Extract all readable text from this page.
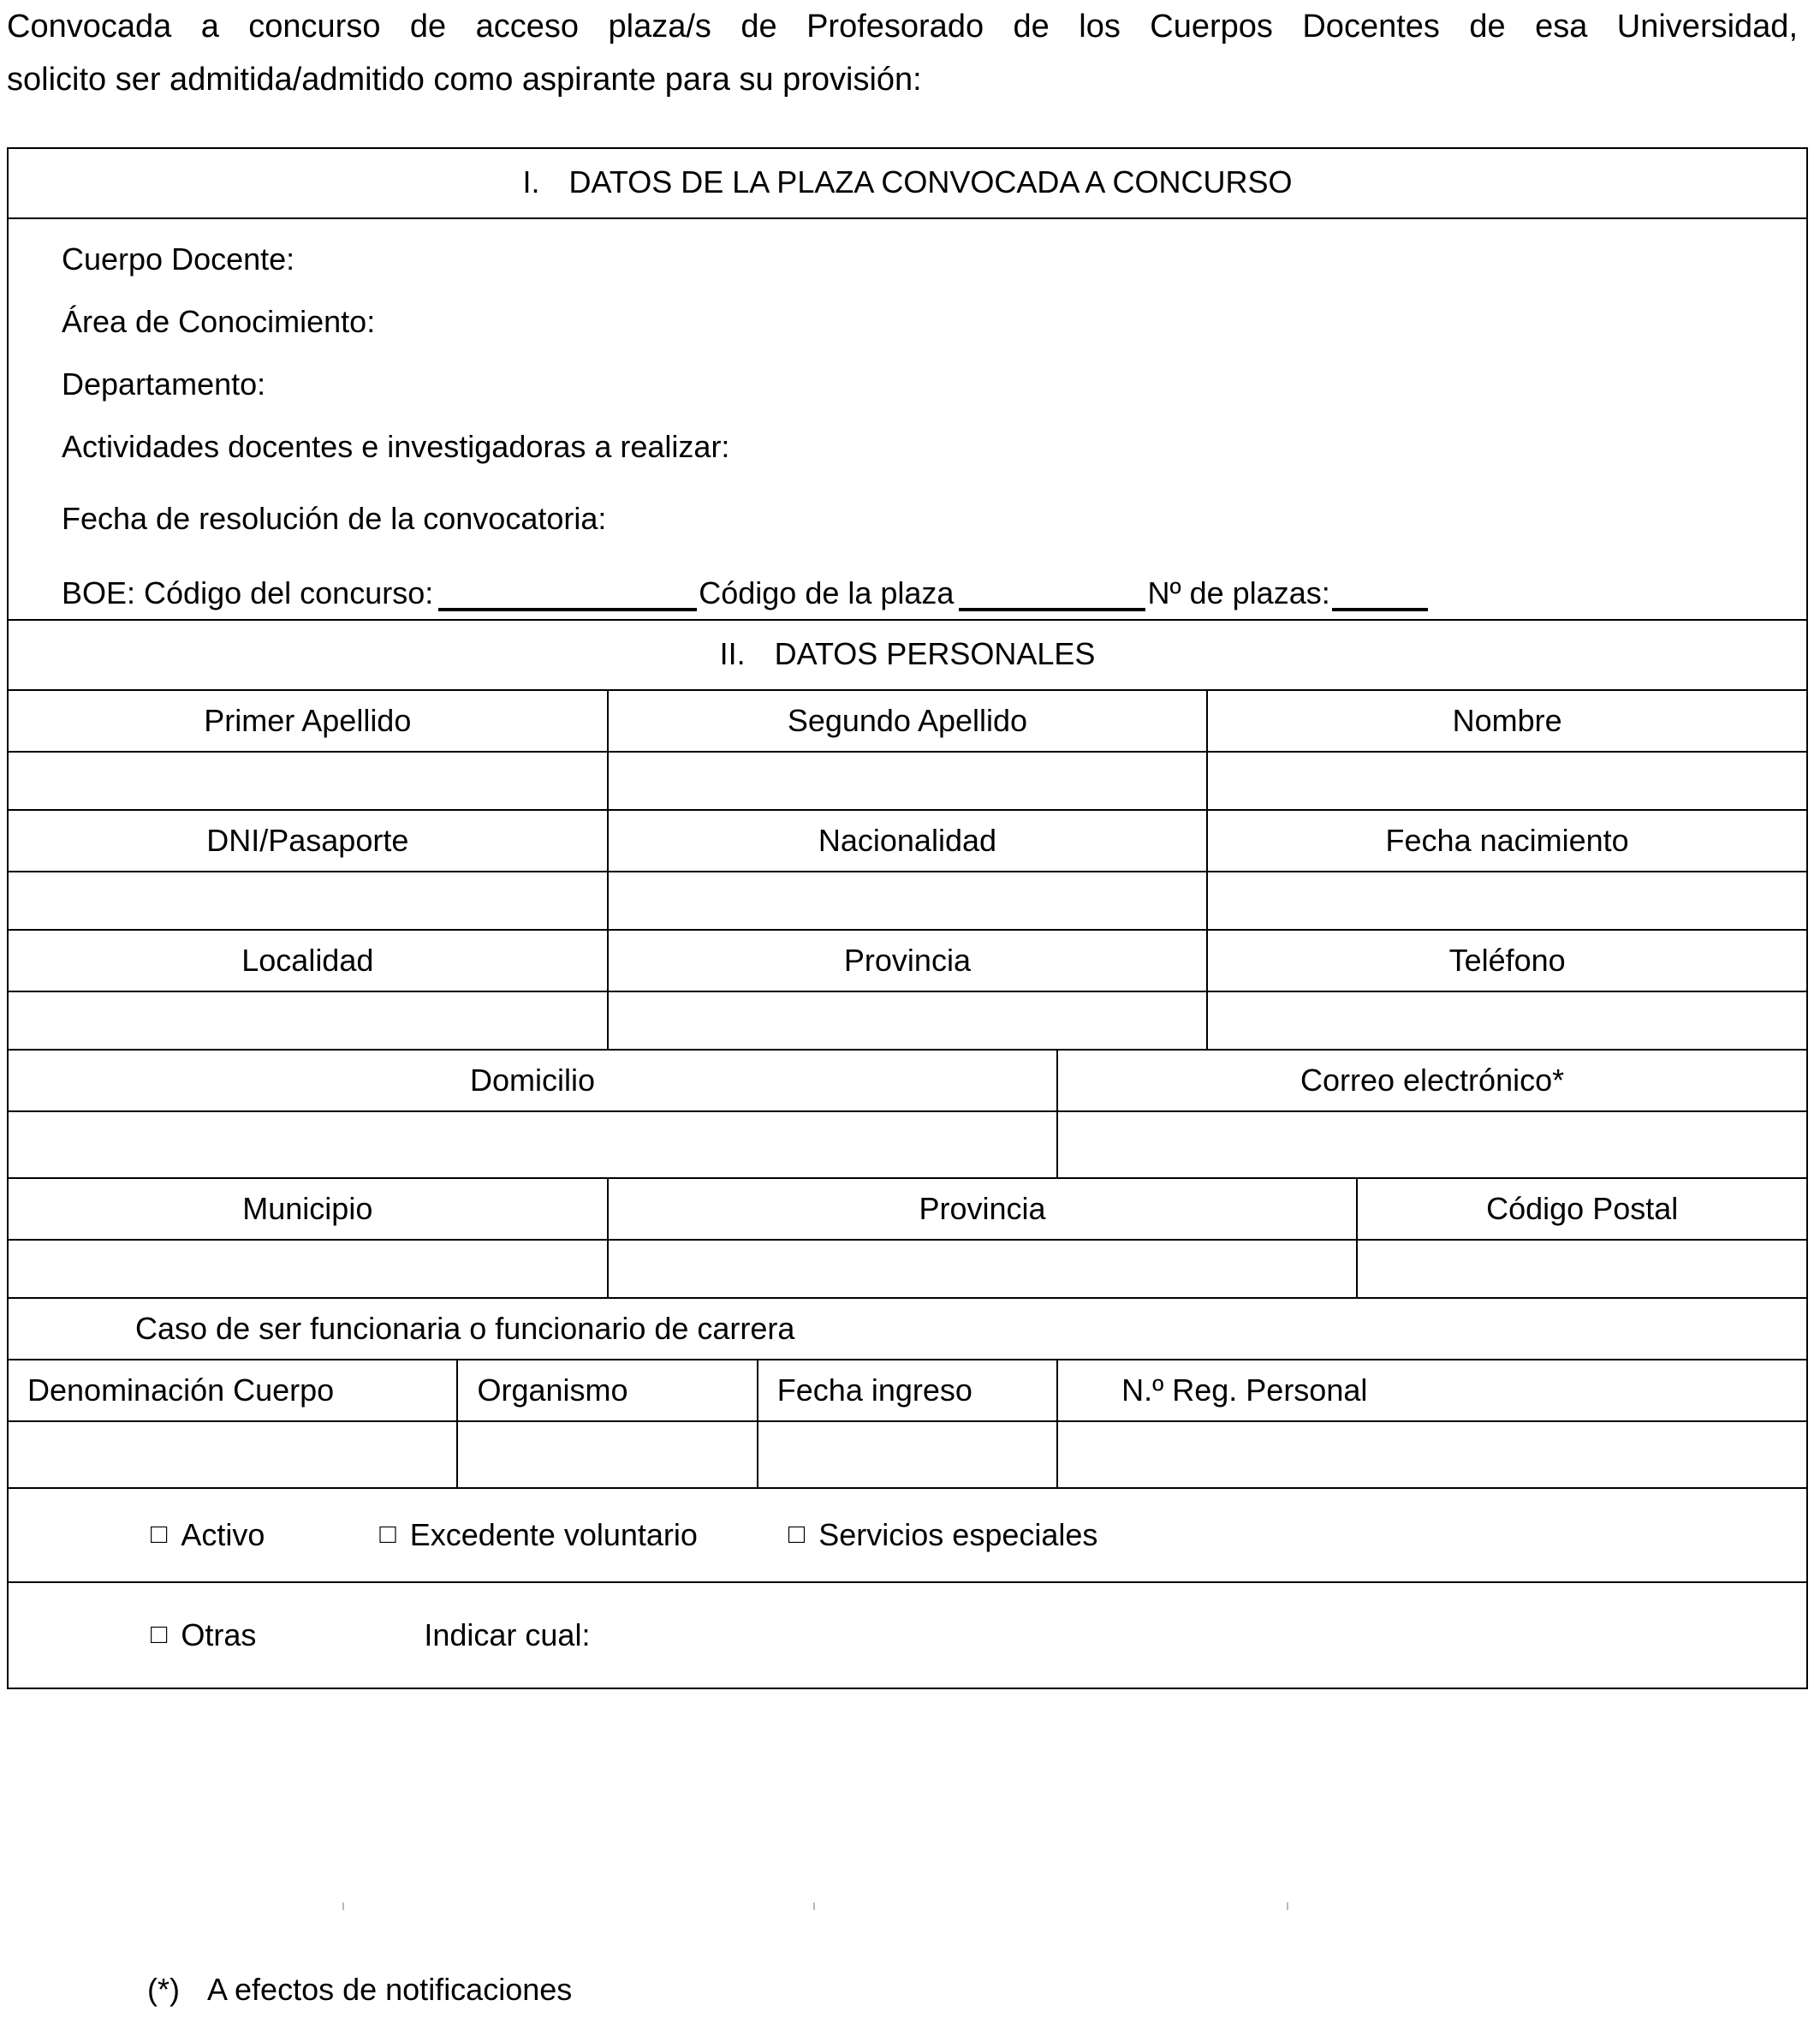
Convocada a concurso de acceso plaza/s de Profesorado de los Cuerpos Docentes de esa Universidad,
solicito ser admitida/admitido como aspirante para su provisión:
I. DATOS DE LA PLAZA CONVOCADA A CONCURSO						

Cuerpo Docente:
Área de Conocimiento:
Departamento:
Actividades docentes e investigadoras a realizar:
Fecha de resolución de la convocatoria:
BOE: Código del concurso:	Código de la plaza	Nº de plazas:

II. DATOS PERSONALES						
Primer Apellido		Segundo Apellido			Nombre	

DNI/Pasaporte		Nacionalidad			Fecha nacimiento	

Localidad		Provincia			Teléfono	

Domicilio				Correo electrónico*		

Municipio		Provincia				Código Postal

Caso de ser funcionaria o funcionario de carrera						
Denominación Cuerpo	Organismo		Fecha ingreso	N.º Reg. Personal		

□ Activo □ Excedente voluntario □ Servicios especiales						
□ Otras Indicar cual:						
(*) A efectos de notificaciones
